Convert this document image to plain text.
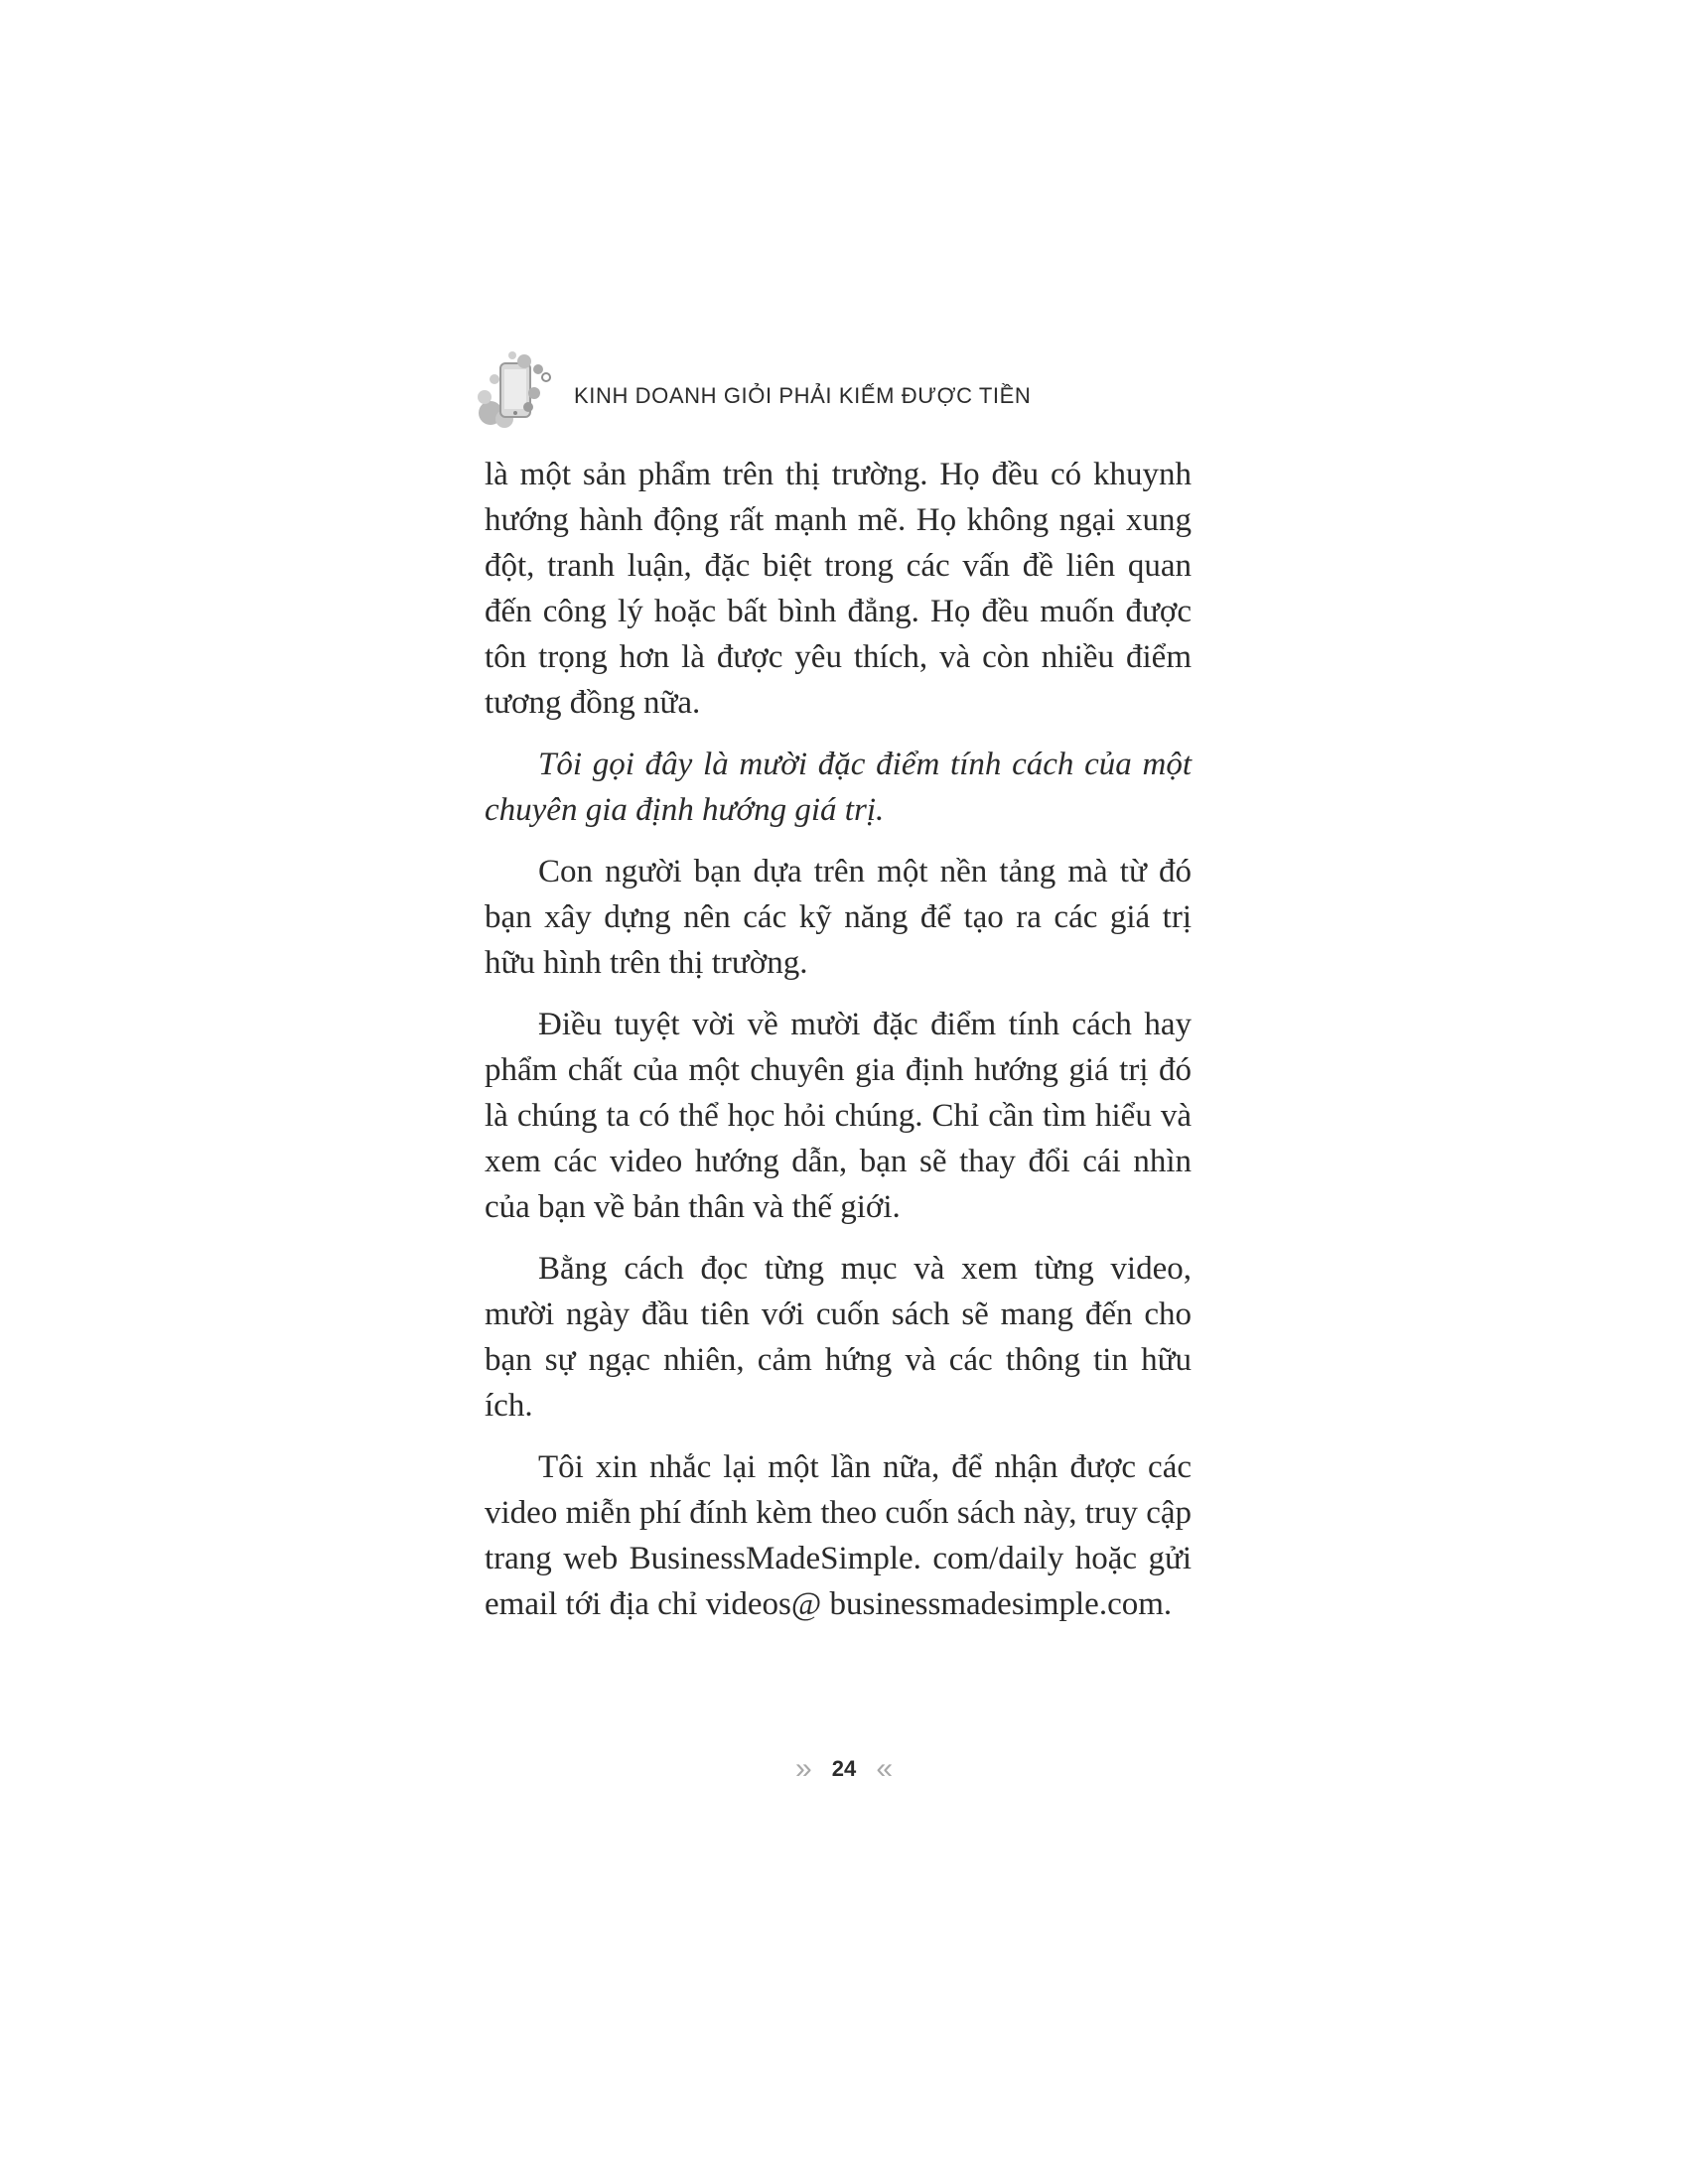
KINH DOANH GIỎI PHẢI KIẾM ĐƯỢC TIỀN

là một sản phẩm trên thị trường. Họ đều có khuynh hướng hành động rất mạnh mẽ. Họ không ngại xung đột, tranh luận, đặc biệt trong các vấn đề liên quan đến công lý hoặc bất bình đẳng. Họ đều muốn được tôn trọng hơn là được yêu thích, và còn nhiều điểm tương đồng nữa.

Tôi gọi đây là mười đặc điểm tính cách của một chuyên gia định hướng giá trị.

Con người bạn dựa trên một nền tảng mà từ đó bạn xây dựng nên các kỹ năng để tạo ra các giá trị hữu hình trên thị trường.

Điều tuyệt vời về mười đặc điểm tính cách hay phẩm chất của một chuyên gia định hướng giá trị đó là chúng ta có thể học hỏi chúng. Chỉ cần tìm hiểu và xem các video hướng dẫn, bạn sẽ thay đổi cái nhìn của bạn về bản thân và thế giới.

Bằng cách đọc từng mục và xem từng video, mười ngày đầu tiên với cuốn sách sẽ mang đến cho bạn sự ngạc nhiên, cảm hứng và các thông tin hữu ích.

Tôi xin nhắc lại một lần nữa, để nhận được các video miễn phí đính kèm theo cuốn sách này, truy cập trang web BusinessMadeSimple. com/daily hoặc gửi email tới địa chỉ videos@ businessmadesimple.com.

» 24 «
